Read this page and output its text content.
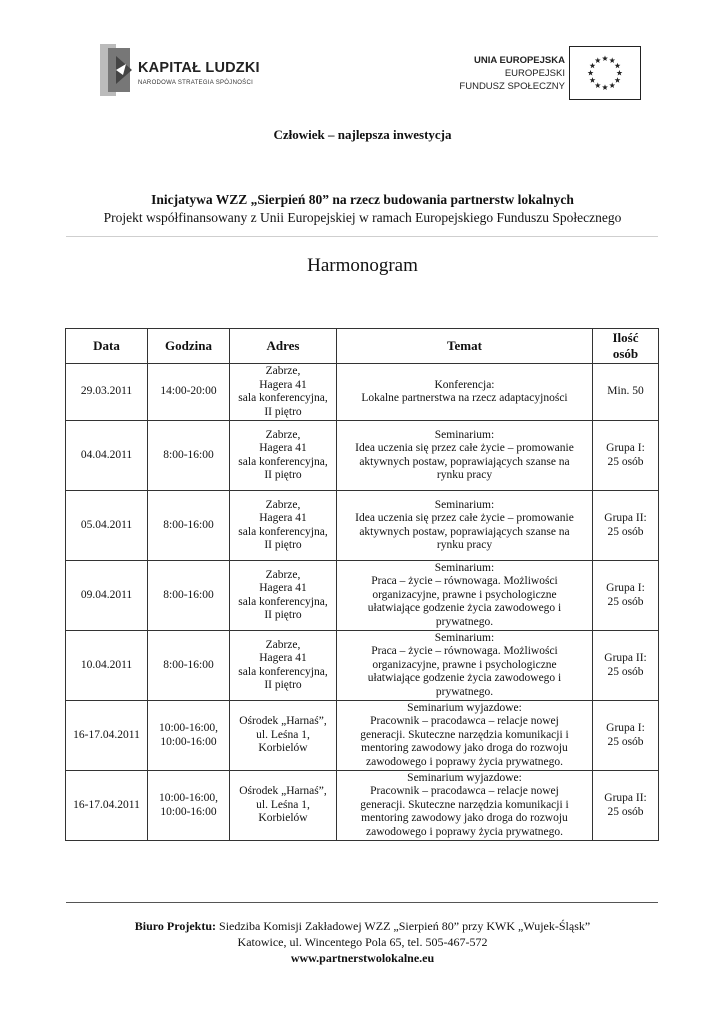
KAPITAŁ LUDZKI
NARODOWA STRATEGIA SPÓJNOŚCI
UNIA EUROPEJSKA
EUROPEJSKI
FUNDUSZ SPOŁECZNY
Człowiek – najlepsza inwestycja
Inicjatywa WZZ „Sierpień 80” na rzecz budowania partnerstw lokalnych
Projekt współfinansowany z Unii Europejskiej w ramach Europejskiego Funduszu Społecznego
Harmonogram
Data	Godzina	Adres	Temat	Ilość
osób
29.03.2011	14:00-20:00	Zabrze,
Hagera 41
sala konferencyjna,
II piętro	Konferencja:
Lokalne partnerstwa na rzecz adaptacyjności	Min. 50
04.04.2011	8:00-16:00	Zabrze,
Hagera 41
sala konferencyjna,
II piętro	Seminarium:
Idea uczenia się przez całe życie – promowanie
aktywnych postaw, poprawiających szanse na
rynku pracy	Grupa I:
25 osób
05.04.2011	8:00-16:00	Zabrze,
Hagera 41
sala konferencyjna,
II piętro	Seminarium:
Idea uczenia się przez całe życie – promowanie
aktywnych postaw, poprawiających szanse na
rynku pracy	Grupa II:
25 osób
09.04.2011	8:00-16:00	Zabrze,
Hagera 41
sala konferencyjna,
II piętro	Seminarium:
Praca – życie – równowaga. Możliwości
organizacyjne, prawne i psychologiczne
ułatwiające godzenie życia zawodowego i
prywatnego.	Grupa I:
25 osób
10.04.2011	8:00-16:00	Zabrze,
Hagera 41
sala konferencyjna,
II piętro	Seminarium:
Praca – życie – równowaga. Możliwości
organizacyjne, prawne i psychologiczne
ułatwiające godzenie życia zawodowego i
prywatnego.	Grupa II:
25 osób
16-17.04.2011	10:00-16:00,
10:00-16:00	Ośrodek „Harnaś”,
ul. Leśna 1,
Korbielów	Seminarium wyjazdowe:
Pracownik – pracodawca – relacje nowej
generacji. Skuteczne narzędzia komunikacji i
mentoring zawodowy jako droga do rozwoju
zawodowego i poprawy życia prywatnego.	Grupa I:
25 osób
16-17.04.2011	10:00-16:00,
10:00-16:00	Ośrodek „Harnaś”,
ul. Leśna 1,
Korbielów	Seminarium wyjazdowe:
Pracownik – pracodawca – relacje nowej
generacji. Skuteczne narzędzia komunikacji i
mentoring zawodowy jako droga do rozwoju
zawodowego i poprawy życia prywatnego.	Grupa II:
25 osób
Biuro Projektu: Siedziba Komisji Zakładowej WZZ „Sierpień 80” przy KWK „Wujek-Śląsk”
Katowice, ul. Wincentego Pola 65, tel. 505-467-572
www.partnerstwolokalne.eu
